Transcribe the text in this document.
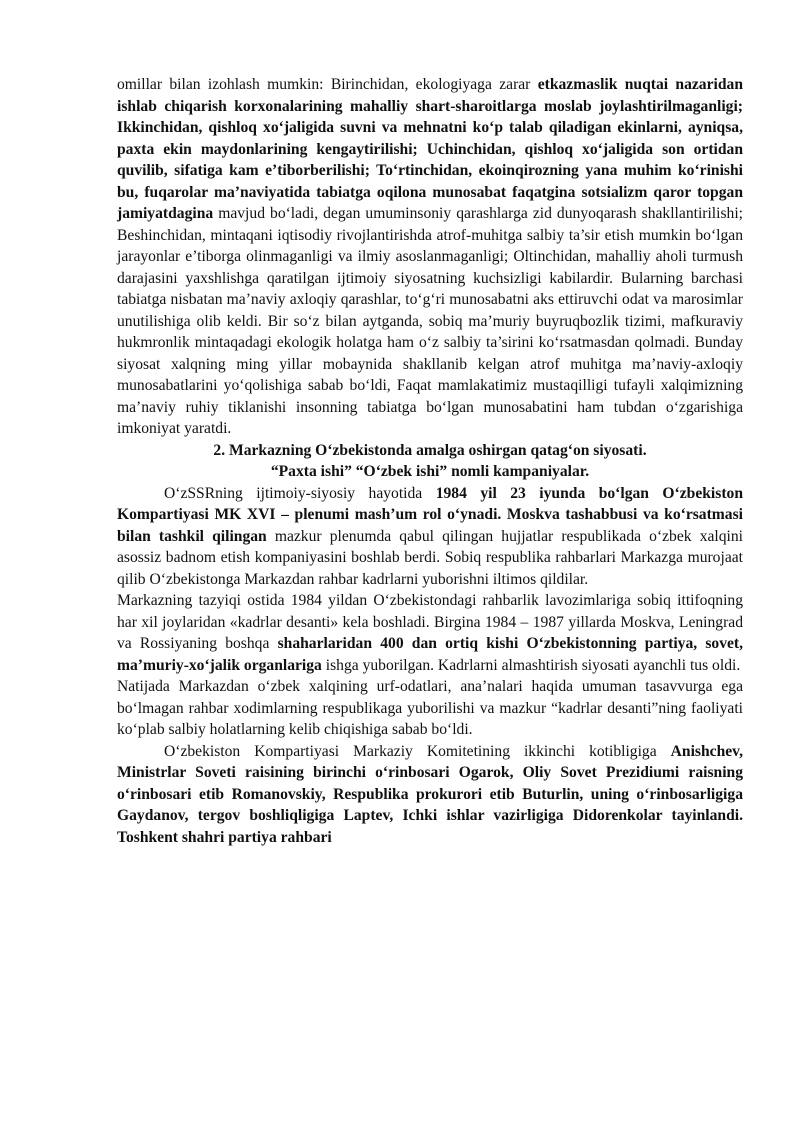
omillar bilan izohlash mumkin: Birinchidan, ekologiyaga zarar etkazmaslik nuqtai nazaridan ishlab chiqarish korxonalarining mahalliy shart-sharoitlarga moslab joylashtirilmaganligi; Ikkinchidan, qishloq xo‘jaligida suvni va mehnatni ko‘p talab qiladigan ekinlarni, ayniqsa, paxta ekin maydonlarining kengaytirilishi; Uchinchidan, qishloq xo‘jaligida son ortidan quvilib, sifatiga kam e’tiborberilishi; To‘rtinchidan, ekoinqirozning yana muhim ko‘rinishi bu, fuqarolar ma’naviyatida tabiatga oqilona munosabat faqatgina sotsializm qaror topgan jamiyatdagina mavjud bo‘ladi, degan umuminsoniy qarashlarga zid dunyoqarash shakllantirilishi; Beshinchidan, mintaqani iqtisodiy rivojlantirishda atrof-muhitga salbiy ta’sir etish mumkin bo‘lgan jarayonlar e’tiborga olinmaganligi va ilmiy asoslanmaganligi; Oltinchidan, mahalliy aholi turmush darajasini yaxshlishga qaratilgan ijtimoiy siyosatning kuchsizligi kabilardir. Bularning barchasi tabiatga nisbatan ma’naviy axloqiy qarashlar, to‘g‘ri munosabatni aks ettiruvchi odat va marosimlar unutilishiga olib keldi. Bir so‘z bilan aytganda, sobiq ma’muriy buyruqbozlik tizimi, mafkuraviy hukmronlik mintaqadagi ekologik holatga ham o‘z salbiy ta’sirini ko‘rsatmasdan qolmadi. Bunday siyosat xalqning ming yillar mobaynida shakllanib kelgan atrof muhitga ma’naviy-axloqiy munosabatlarini yo‘qolishiga sabab bo‘ldi, Faqat mamlakatimiz mustaqilligi tufayli xalqimizning ma’naviy ruhiy tiklanishi insonning tabiatga bo‘lgan munosabatini ham tubdan o‘zgarishiga imkoniyat yaratdi.

2. Markazning O‘zbekistonda amalga oshirgan qatag‘on siyosati.

“Paxta ishi” “O‘zbek ishi” nomli kampaniyalar.

O‘zSSRning ijtimoiy-siyosiy hayotida 1984 yil 23 iyunda bo‘lgan O‘zbekiston Kompartiyasi MK XVI – plenumi mash’um rol o‘ynadi. Moskva tashabbusi va ko‘rsatmasi bilan tashkil qilingan mazkur plenumda qabul qilingan hujjatlar respublikada o‘zbek xalqini asossiz badnom etish kompaniyasini boshlab berdi. Sobiq respublika rahbarlari Markazga murojaat qilib O‘zbekistonga Markazdan rahbar kadrlarni yuborishni iltimos qildilar.

Markazning tazyiqi ostida 1984 yildan O‘zbekistondagi rahbarlik lavozimlariga sobiq ittifoqning har xil joylaridan «kadrlar desanti» kela boshladi. Birgina 1984 – 1987 yillarda Moskva, Leningrad va Rossiyaning boshqa shaharlaridan 400 dan ortiq kishi O‘zbekistonning partiya, sovet, ma’muriy-xo‘jalik organlariga ishga yuborilgan. Kadrlarni almashtirish siyosati ayanchli tus oldi.

Natijada Markazdan o‘zbek xalqining urf-odatlari, ana’nalari haqida umuman tasavvurga ega bo‘lmagan rahbar xodimlarning respublikaga yuborilishi va mazkur “kadrlar desanti”ning faoliyati ko‘plab salbiy holatlarning kelib chiqishiga sabab bo‘ldi.

O‘zbekiston Kompartiyasi Markaziy Komitetining ikkinchi kotibligiga Anishchev, Ministrlar Soveti raisining birinchi o‘rinbosari Ogarok, Oliy Sovet Prezidiumi raisning o‘rinbosari etib Romanovskiy, Respublika prokurori etib Buturlin, uning o‘rinbosarligiga Gaydanov, tergov boshliqligiga Laptev, Ichki ishlar vazirligiga Didorenkolar tayinlandi. Toshkent shahri partiya rahbari
